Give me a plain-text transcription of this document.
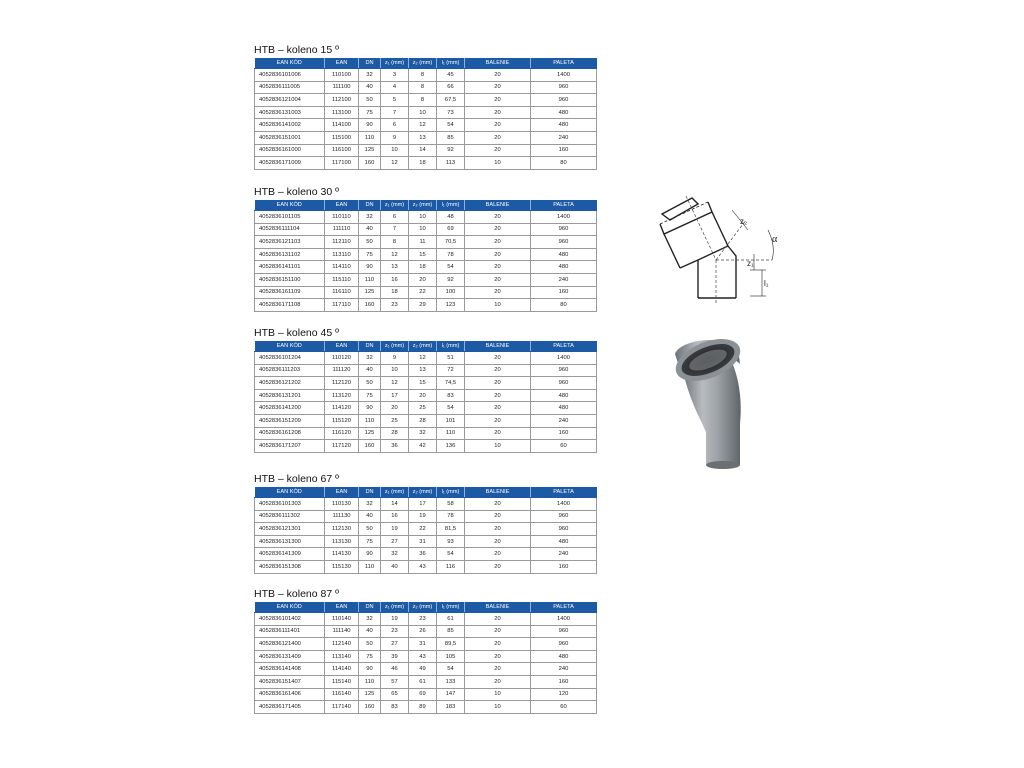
HTB – koleno 15 º
EAN KÓD	EAN	DN	z₁ (mm)	z₂ (mm)	l₁ (mm)	BALENIE	PALETA
4052836101006	110100	32	3	8	45	20	1400
4052836111005	111100	40	4	8	66	20	960
4052836121004	112100	50	5	8	67,5	20	960
4052836131003	113100	75	7	10	73	20	480
4052836141002	114100	90	6	12	54	20	480
4052836151001	115100	110	9	13	85	20	240
4052836161000	116100	125	10	14	92	20	160
4052836171009	117100	160	12	18	113	10	80
HTB – koleno 30 º
EAN KÓD	EAN	DN	z₁ (mm)	z₂ (mm)	l₁ (mm)	BALENIE	PALETA
4052836101105	110110	32	6	10	48	20	1400
4052836111104	111110	40	7	10	69	20	960
4052836121103	112110	50	8	11	70,5	20	960
4052836131102	113110	75	12	15	78	20	480
4052836141101	114110	90	13	18	54	20	480
4052836151100	115110	110	16	20	92	20	240
4052836161109	116110	125	18	22	100	20	160
4052836171108	117110	160	23	29	123	10	80
HTB – koleno 45 º
EAN KÓD	EAN	DN	z₁ (mm)	z₂ (mm)	l₁ (mm)	BALENIE	PALETA
4052836101204	110120	32	9	12	51	20	1400
4052836111203	111120	40	10	13	72	20	960
4052836121202	112120	50	12	15	74,5	20	960
4052836131201	113120	75	17	20	83	20	480
4052836141200	114120	90	20	25	54	20	480
4052836151209	115120	110	25	28	101	20	240
4052836161208	116120	125	28	32	110	20	160
4052836171207	117120	160	36	42	136	10	60
HTB – koleno 67 º
EAN KÓD	EAN	DN	z₁ (mm)	z₂ (mm)	l₁ (mm)	BALENIE	PALETA
4052836101303	110130	32	14	17	58	20	1400
4052836111302	111130	40	16	19	78	20	960
4052836121301	112130	50	19	22	81,5	20	960
4052836131300	113130	75	27	31	93	20	480
4052836141309	114130	90	32	36	54	20	240
4052836151308	115130	110	40	43	116	20	160
HTB – koleno 87 º
EAN KÓD	EAN	DN	z₁ (mm)	z₂ (mm)	l₁ (mm)	BALENIE	PALETA
4052836101402	110140	32	19	23	61	20	1400
4052836111401	111140	40	23	26	85	20	960
4052836121400	112140	50	27	31	89,5	20	960
4052836131409	113140	75	39	43	105	20	480
4052836141408	114140	90	46	49	54	20	240
4052836151407	115140	110	57	61	133	20	160
4052836161406	116140	125	65	69	147	10	120
4052836171405	117140	160	83	89	183	10	60
z₂
z₁
l₁
α
